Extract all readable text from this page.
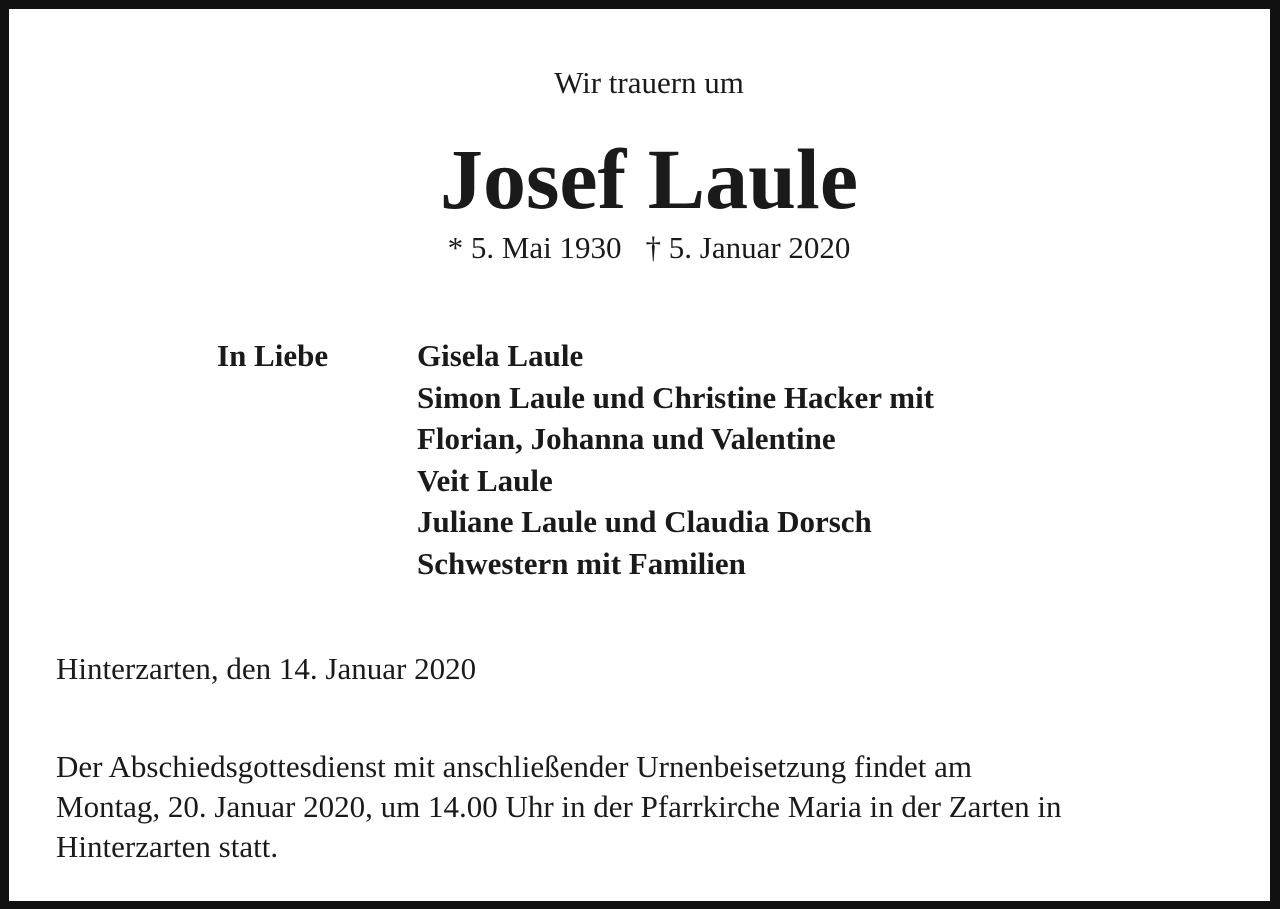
Wir trauern um
Josef Laule
* 5. Mai 1930 † 5. Januar 2020
In Liebe	Gisela Laule
Simon Laule und Christine Hacker mit
Florian, Johanna und Valentine
Veit Laule
Juliane Laule und Claudia Dorsch
Schwestern mit Familien
Hinterzarten, den 14. Januar 2020

Der Abschiedsgottesdienst mit anschließender Urnenbeisetzung findet am
Montag, 20. Januar 2020, um 14.00 Uhr in der Pfarrkirche Maria in der Zarten in
Hinterzarten statt.
